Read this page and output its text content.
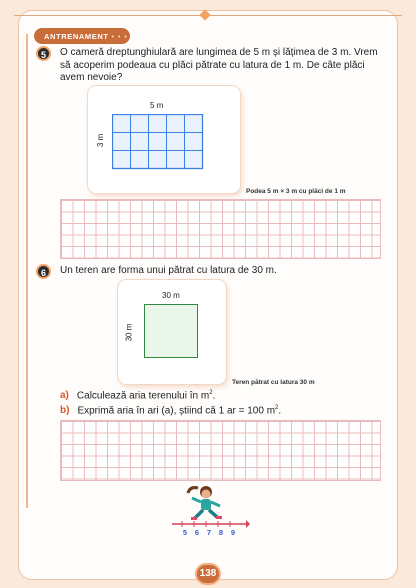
ANTRENAMENT • • •
5	O cameră dreptunghiulară are lungimea de 5 m și lățimea de 3 m. Vrem să acoperim podeaua cu plăci pătrate cu latura de 1 m. De câte plăci avem nevoie?
5 m
3 m
Podea 5 m × 3 m cu plăci de 1 m
6	Un teren are forma unui pătrat cu latura de 30 m.
30 m
30 m
Teren pătrat cu latura 30 m
a) Calculează aria terenului în $m^2$.
b) Exprimă aria în ari (a), știind că 1 ar = 100 $m^2$.
5 6 7 8 9
138
